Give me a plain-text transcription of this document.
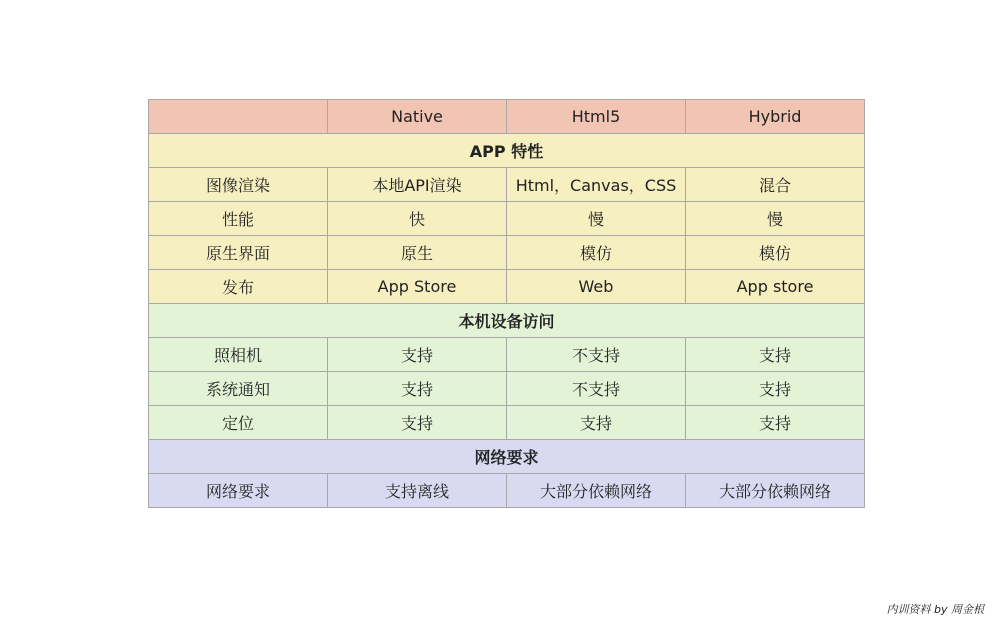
	Native	Html5	Hybrid
APP 特性			
图像渲染	本地API渲染	Html，Canvas，CSS	混合
性能	快	慢	慢
原生界面	原生	模仿	模仿
发布	App Store	Web	App store
本机设备访问			
照相机	支持	不支持	支持
系统通知	支持	不支持	支持
定位	支持	支持	支持
网络要求			
网络要求	支持离线	大部分依赖网络	大部分依赖网络
内训资料 by 周金根
